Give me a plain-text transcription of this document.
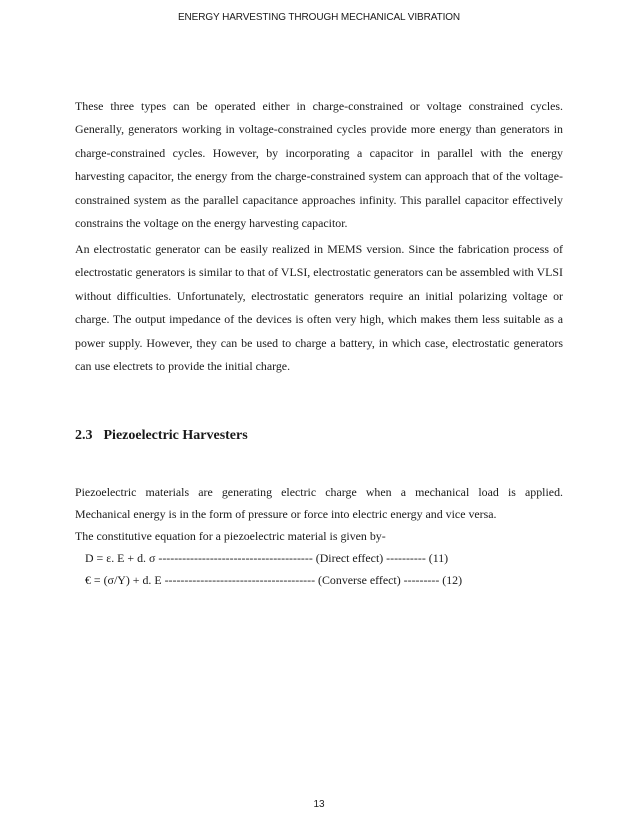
ENERGY HARVESTING THROUGH MECHANICAL VIBRATION

These three types can be operated either in charge-constrained or voltage constrained cycles. Generally, generators working in voltage-constrained cycles provide more energy than generators in charge-constrained cycles. However, by incorporating a capacitor in parallel with the energy harvesting capacitor, the energy from the charge-constrained system can approach that of the voltage-constrained system as the parallel capacitance approaches infinity. This parallel capacitor effectively constrains the voltage on the energy harvesting capacitor.

An electrostatic generator can be easily realized in MEMS version. Since the fabrication process of electrostatic generators is similar to that of VLSI, electrostatic generators can be assembled with VLSI without difficulties. Unfortunately, electrostatic generators require an initial polarizing voltage or charge. The output impedance of the devices is often very high, which makes them less suitable as a power supply. However, they can be used to charge a battery, in which case, electrostatic generators can use electrets to provide the initial charge.

2.3 Piezoelectric Harvesters
Piezoelectric materials are generating electric charge when a mechanical load is applied.
Mechanical energy is in the form of pressure or force into electric energy and vice versa.
The constitutive equation for a piezoelectric material is given by-
D = ε. E + d. σ --------------------------------------- (Direct effect) ---------- (11)
€ = (σ/Y) + d. E -------------------------------------- (Converse effect) --------- (12)
13
